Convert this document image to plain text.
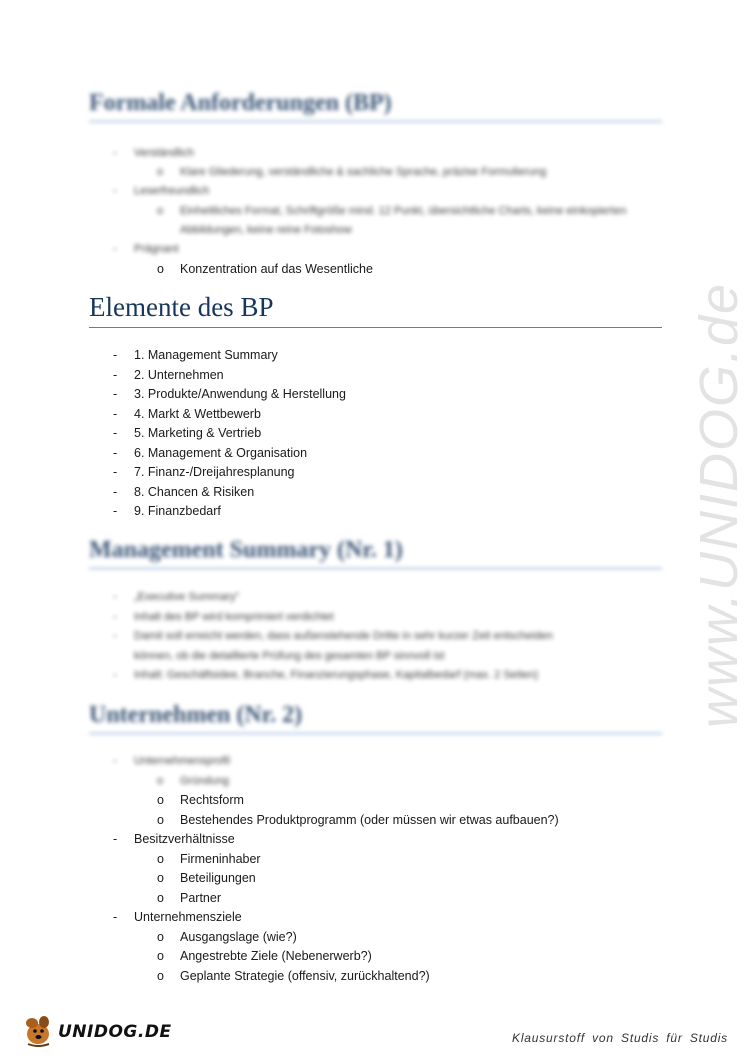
Formale Anforderungen (BP)
- Verständlich
o Klare Gliederung, verständliche & sachliche Sprache, präzise Formulierung
- Leserfreundlich
o Einheitliches Format, Schriftgröße mind. 12 Punkt, übersichtliche Charts, keine einkopierten Abbildungen, keine reine Fotoshow
- Prägnant
o Konzentration auf das Wesentliche
Elemente des BP
- 1. Management Summary
- 2. Unternehmen
- 3. Produkte/Anwendung & Herstellung
- 4. Markt & Wettbewerb
- 5. Marketing & Vertrieb
- 6. Management & Organisation
- 7. Finanz-/Dreijahresplanung
- 8. Chancen & Risiken
- 9. Finanzbedarf
Management Summary (Nr. 1)
- „Executive Summary“
- Inhalt des BP wird komprimiert verdichtet
- Damit soll erreicht werden, dass außenstehende Dritte in sehr kurzer Zeit entscheiden
können, ob die detaillierte Prüfung des gesamten BP sinnvoll ist
- Inhalt: Geschäftsidee, Branche, Finanzierungsphase, Kapitalbedarf (max. 2 Seiten)
Unternehmen (Nr. 2)
- Unternehmensprofil
o Gründung
o Rechtsform
o Bestehendes Produktprogramm (oder müssen wir etwas aufbauen?)
- Besitzverhältnisse
o Firmeninhaber
o Beteiligungen
o Partner
- Unternehmensziele
o Ausgangslage (wie?)
o Angestrebte Ziele (Nebenerwerb?)
o Geplante Strategie (offensiv, zurückhaltend?)
www.UNIDOG.de
UNIDOG.DE	Klausurstoff von Studis für Studis
